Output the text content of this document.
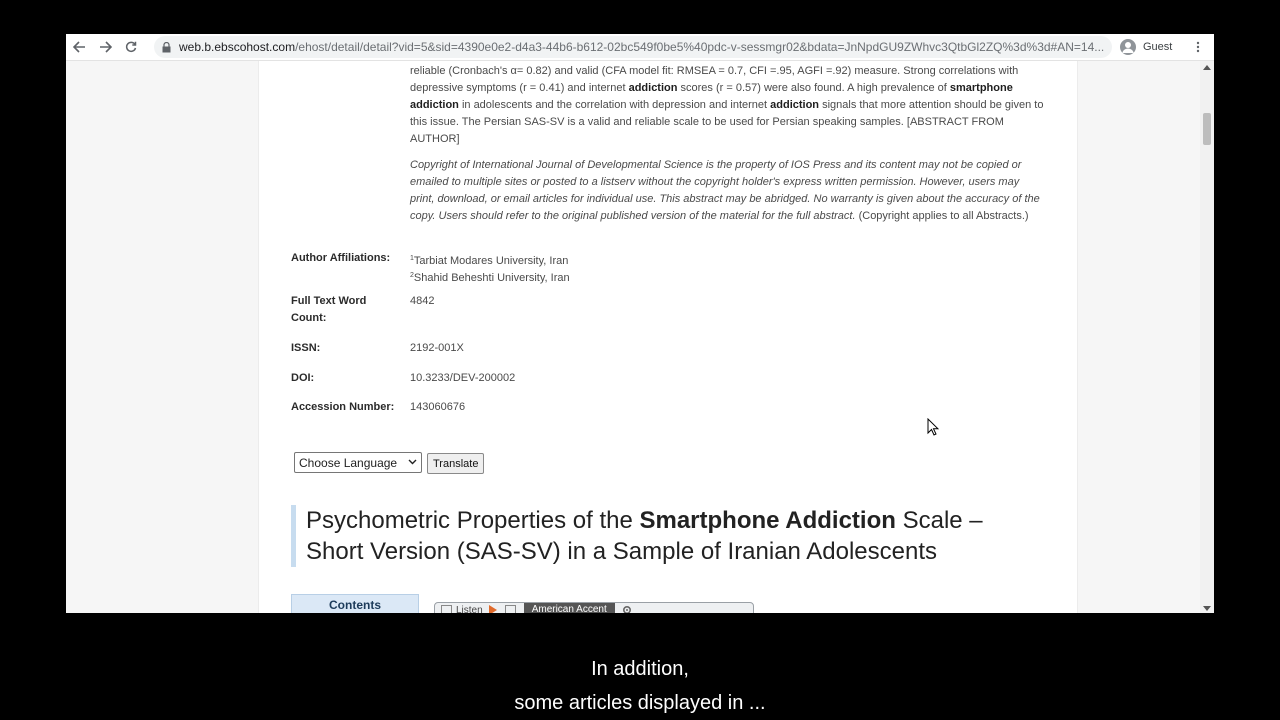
web.b.ebscohost.com /ehost/detail/detail?vid=5&sid=4390e0e2-d4a3-44b6-b612-02bc549f0be5%40pdc-v-sessmgr02&bdata=JnNpdGU9ZWhvc3QtbGl2ZQ%3d%3d#AN=14...	Guest
reliable (Cronbach's α= 0.82) and valid (CFA model fit: RMSEA = 0.7, CFI =.95, AGFI =.92) measure. Strong correlations with depressive symptoms (r = 0.41) and internet addiction scores (r = 0.57) were also found. A high prevalence of smartphone addiction in adolescents and the correlation with depression and internet addiction signals that more attention should be given to this issue. The Persian SAS-SV is a valid and reliable scale to be used for Persian speaking samples. [ABSTRACT FROM AUTHOR]
Copyright of International Journal of Developmental Science is the property of IOS Press and its content may not be copied or emailed to multiple sites or posted to a listserv without the copyright holder's express written permission. However, users may print, download, or email articles for individual use. This abstract may be abridged. No warranty is given about the accuracy of the copy. Users should refer to the original published version of the material for the full abstract. (Copyright applies to all Abstracts.)
Author Affiliations:	$^1$Tarbiat Modares University, Iran
$^2$Shahid Beheshti University, Iran
Full Text Word Count:
4842
ISSN:	2192-001X
DOI:	10.3233/DEV-200002
Accession Number: 143060676
Choose Language	Translate
Psychometric Properties of the Smartphone Addiction Scale – Short Version (SAS-SV) in a Sample of Iranian Adolescents
Contents	Listen	American Accent
In addition,
some articles displayed in ...
